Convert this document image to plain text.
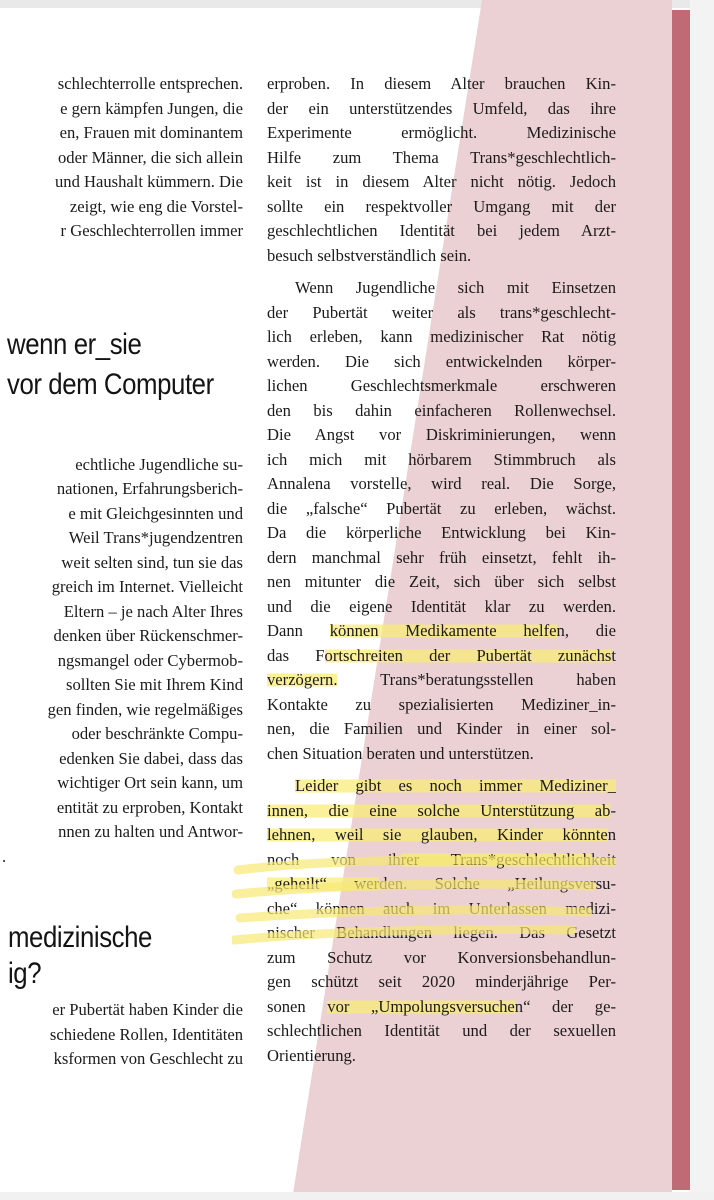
schlechterrolle entsprechen.
e gern kämpfen Jungen, die
en, Frauen mit dominantem
oder Männer, die sich allein
und Haushalt kümmern. Die
zeigt, wie eng die Vorstel-
r Geschlechterrollen immer
wenn er_sie
vor dem Computer
echtliche Jugendliche su-
nationen, Erfahrungsberich-
e mit Gleichgesinnten und
Weil Trans*jugendzentren
weit selten sind, tun sie das
greich im Internet. Vielleicht
Eltern – je nach Alter Ihres
denken über Rückenschmer-
ngsmangel oder Cybermob-
sollten Sie mit Ihrem Kind
gen finden, wie regelmäßiges
oder beschränkte Compu-
edenken Sie dabei, dass das
wichtiger Ort sein kann, um
entität zu erproben, Kontakt
nnen zu halten und Antwor-
.
medizinische
ig?
er Pubertät haben Kinder die
schiedene Rollen, Identitäten
ksformen von Geschlecht zu
erproben. In diesem Alter brauchen Kin-
der ein unterstützendes Umfeld, das ihre
Experimente ermöglicht. Medizinische
Hilfe zum Thema Trans*geschlechtlich-
keit ist in diesem Alter nicht nötig. Jedoch
sollte ein respektvoller Umgang mit der
geschlechtlichen Identität bei jedem Arzt-
besuch selbstverständlich sein.
Wenn Jugendliche sich mit Einsetzen
der Pubertät weiter als trans*geschlecht-
lich erleben, kann medizinischer Rat nötig
werden. Die sich entwickelnden körper-
lichen Geschlechtsmerkmale erschweren
den bis dahin einfacheren Rollenwechsel.
Die Angst vor Diskriminierungen, wenn
ich mich mit hörbarem Stimmbruch als
Annalena vorstelle, wird real. Die Sorge,
die „falsche“ Pubertät zu erleben, wächst.
Da die körperliche Entwicklung bei Kin-
dern manchmal sehr früh einsetzt, fehlt ih-
nen mitunter die Zeit, sich über sich selbst
und die eigene Identität klar zu werden.
Dann können Medikamente helfen, die
das Fortschreiten der Pubertät zunächst
verzögern. Trans*beratungsstellen haben
Kontakte zu spezialisierten Mediziner_in-
nen, die Familien und Kinder in einer sol-
chen Situation beraten und unterstützen.
Leider gibt es noch immer Mediziner_
innen, die eine solche Unterstützung ab-
lehnen, weil sie glauben, Kinder könnten
noch von ihrer Trans*geschlechtlichkeit
„geheilt“ werden. Solche „Heilungsversu-
che“ können auch im Unterlassen medizi-
nischer Behandlungen liegen. Das Gesetzt
zum Schutz vor Konversionsbehandlun-
gen schützt seit 2020 minderjährige Per-
sonen vor „Umpolungsversuchen“ der ge-
schlechtlichen Identität und der sexuellen
Orientierung.
